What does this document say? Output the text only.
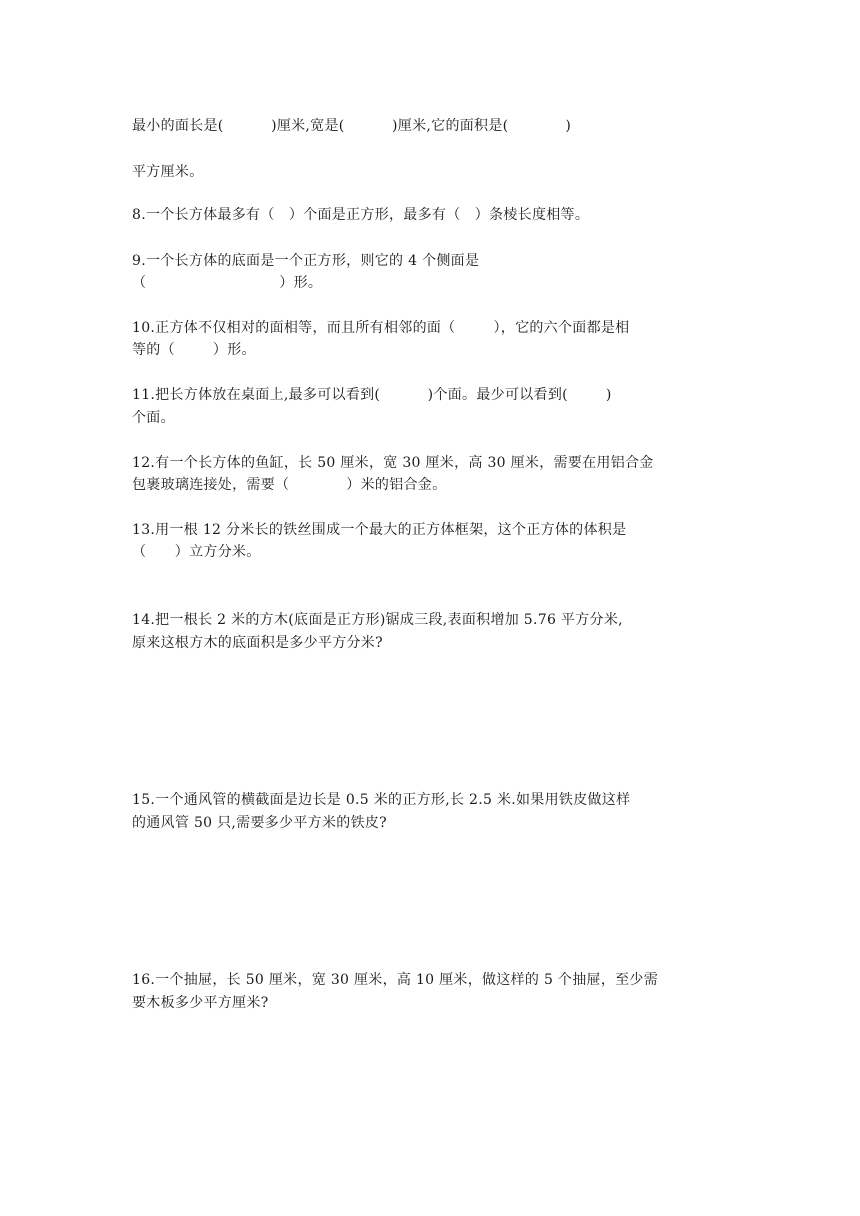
最小的面长是(          )厘米,宽是(          )厘米,它的面积是(            )
平方厘米。
8.一个长方体最多有（   ）个面是正方形，最多有（   ）条棱长度相等。
9.一个长方体的底面是一个正方形，则它的 4 个侧面是
（                            ）形。
10.正方体不仅相对的面相等，而且所有相邻的面（        ），它的六个面都是相
等的（        ）形。
11.把长方体放在桌面上,最多可以看到(          )个面。最少可以看到(        )
个面。
12.有一个长方体的鱼缸，长 50 厘米，宽 30 厘米，高 30 厘米，需要在用铝合金
包裹玻璃连接处，需要（            ）米的铝合金。
13.用一根 12 分米长的铁丝围成一个最大的正方体框架，这个正方体的体积是
（      ）立方分米。
14.把一根长 2 米的方木(底面是正方形)锯成三段,表面积增加 5.76 平方分米,
原来这根方木的底面积是多少平方分米?
15.一个通风管的横截面是边长是 0.5 米的正方形,长 2.5 米.如果用铁皮做这样
的通风管 50 只,需要多少平方米的铁皮?
16.一个抽屉，长 50 厘米，宽 30 厘米，高 10 厘米，做这样的 5 个抽屉，至少需
要木板多少平方厘米?
